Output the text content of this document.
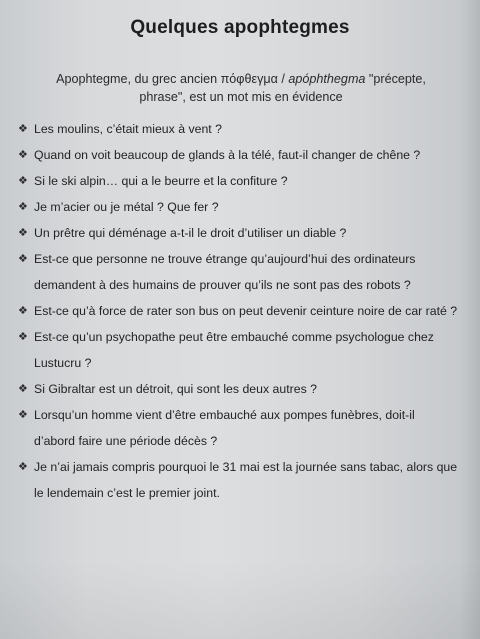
Quelques apophtegmes
Apophtegme, du grec ancien πόφθεγμα / apóphthegma "précepte,
phrase", est un mot mis en évidence
❖ Les moulins, c’était mieux à vent ?
❖ Quand on voit beaucoup de glands à la télé, faut-il changer de chêne ?
❖ Si le ski alpin… qui a le beurre et la confiture ?
❖ Je m’acier ou je métal ? Que fer ?
❖ Un prêtre qui déménage a-t-il le droit d’utiliser un diable ?
❖ Est-ce que personne ne trouve étrange qu’aujourd’hui des ordinateurs
demandent à des humains de prouver qu’ils ne sont pas des robots ?
❖ Est-ce qu’à force de rater son bus on peut devenir ceinture noire de car raté ?
❖ Est-ce qu’un psychopathe peut être embauché comme psychologue chez
Lustucru ?
❖ Si Gibraltar est un détroit, qui sont les deux autres ?
❖ Lorsqu’un homme vient d’être embauché aux pompes funèbres, doit-il
d’abord faire une période décès ?
❖ Je n’ai jamais compris pourquoi le 31 mai est la journée sans tabac, alors que
le lendemain c’est le premier joint.
